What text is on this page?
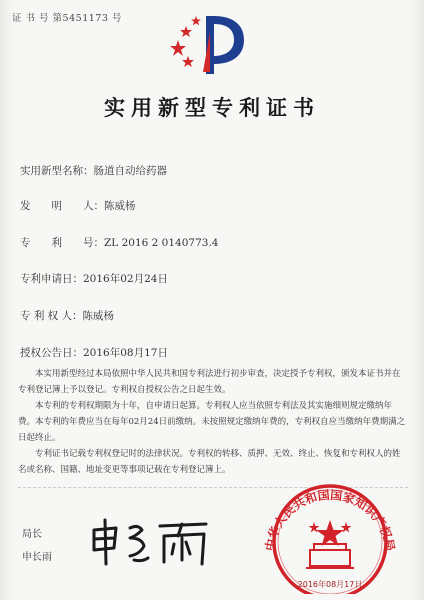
证 书 号 第5451173 号
实用新型专利证书
实用新型名称：肠道自动给药器
发　　明　　人：陈威杨
专　　利　　号：ZL 2016 2 0140773.4
专利申请日：2016年02月24日
专 利 权 人：陈威杨
授权公告日：2016年08月17日

本实用新型经过本局依照中华人民共和国专利法进行初步审查，决定授予专利权，颁发本证书并在专利登记簿上予以登记。专利权自授权公告之日起生效。

本专利的专利权期限为十年，自申请日起算。专利权人应当依照专利法及其实施细则规定缴纳年费。本专利的年费应当在每年02月24日前缴纳。未按照规定缴纳年费的，专利权自应当缴纳年费期满之日起终止。

专利证书记载专利权登记时的法律状况。专利权的转移、质押、无效、终止、恢复和专利权人的姓名或名称、国籍、地址变更等事项记载在专利登记簿上。

局长
申长雨
中华人民共和国国家知识产权局
2016年08月17日
